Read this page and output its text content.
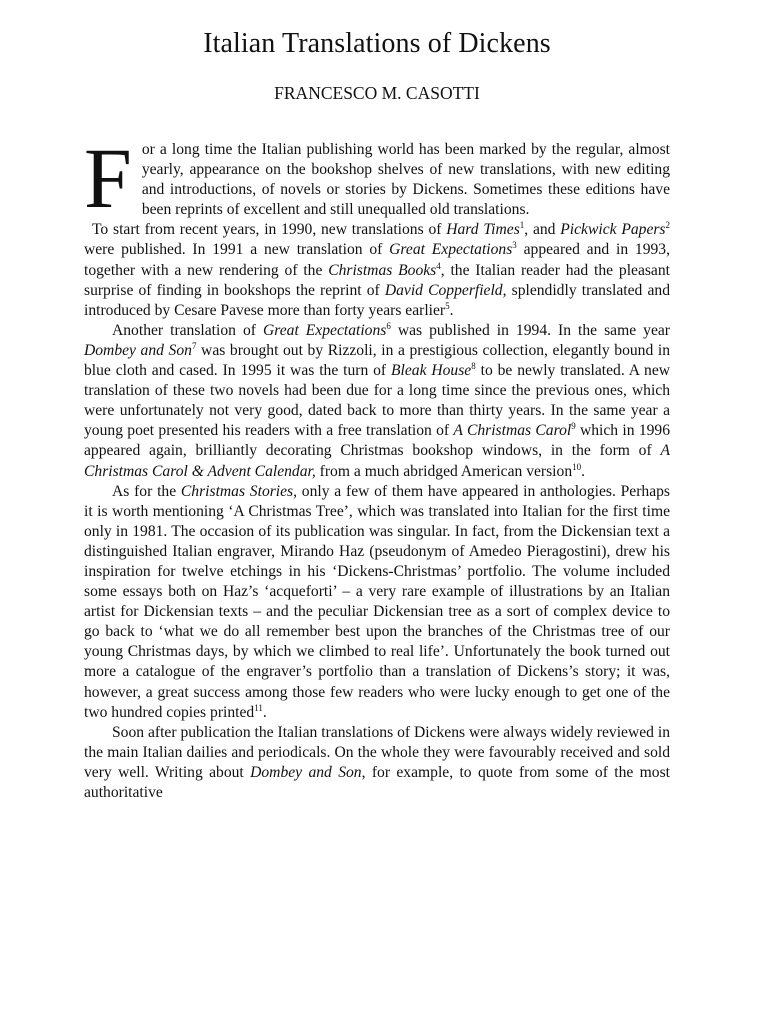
Italian Translations of Dickens
FRANCESCO M. CASOTTI

F or a long time the Italian publishing world has been marked by the regular, almost yearly, appearance on the bookshop shelves of new translations, with new editing and introductions, of novels or stories by Dickens. Sometimes these editions have been reprints of excellent and still unequalled old translations.

To start from recent years, in 1990, new translations of Hard Times$^1$, and Pickwick Papers$^2$ were published. In 1991 a new translation of Great Expectations$^3$ appeared and in 1993, together with a new rendering of the Christmas Books$^4$, the Italian reader had the pleasant surprise of finding in bookshops the reprint of David Copperfield, splendidly translated and introduced by Cesare Pavese more than forty years earlier$^5$.

Another translation of Great Expectations$^6$ was published in 1994. In the same year Dombey and Son$^7$ was brought out by Rizzoli, in a prestigious collection, elegantly bound in blue cloth and cased. In 1995 it was the turn of Bleak House$^8$ to be newly translated. A new translation of these two novels had been due for a long time since the previous ones, which were unfortunately not very good, dated back to more than thirty years. In the same year a young poet presented his readers with a free translation of A Christmas Carol$^9$ which in 1996 appeared again, brilliantly decorating Christmas bookshop windows, in the form of A Christmas Carol & Advent Calendar, from a much abridged American version$^{10}$.

As for the Christmas Stories, only a few of them have appeared in anthologies. Perhaps it is worth mentioning ‘A Christmas Tree’, which was translated into Italian for the first time only in 1981. The occasion of its publication was singular. In fact, from the Dickensian text a distinguished Italian engraver, Mirando Haz (pseudonym of Amedeo Pieragostini), drew his inspiration for twelve etchings in his ‘Dickens-Christmas’ portfolio. The volume included some essays both on Haz’s ‘acqueforti’ – a very rare example of illustrations by an Italian artist for Dickensian texts – and the peculiar Dickensian tree as a sort of complex device to go back to ‘what we do all remember best upon the branches of the Christmas tree of our young Christmas days, by which we climbed to real life’. Unfortunately the book turned out more a catalogue of the engraver’s portfolio than a translation of Dickens’s story; it was, however, a great success among those few readers who were lucky enough to get one of the two hundred copies printed$^{11}$.

Soon after publication the Italian translations of Dickens were always widely reviewed in the main Italian dailies and periodicals. On the whole they were favourably received and sold very well. Writing about Dombey and Son, for example, to quote from some of the most authoritative
